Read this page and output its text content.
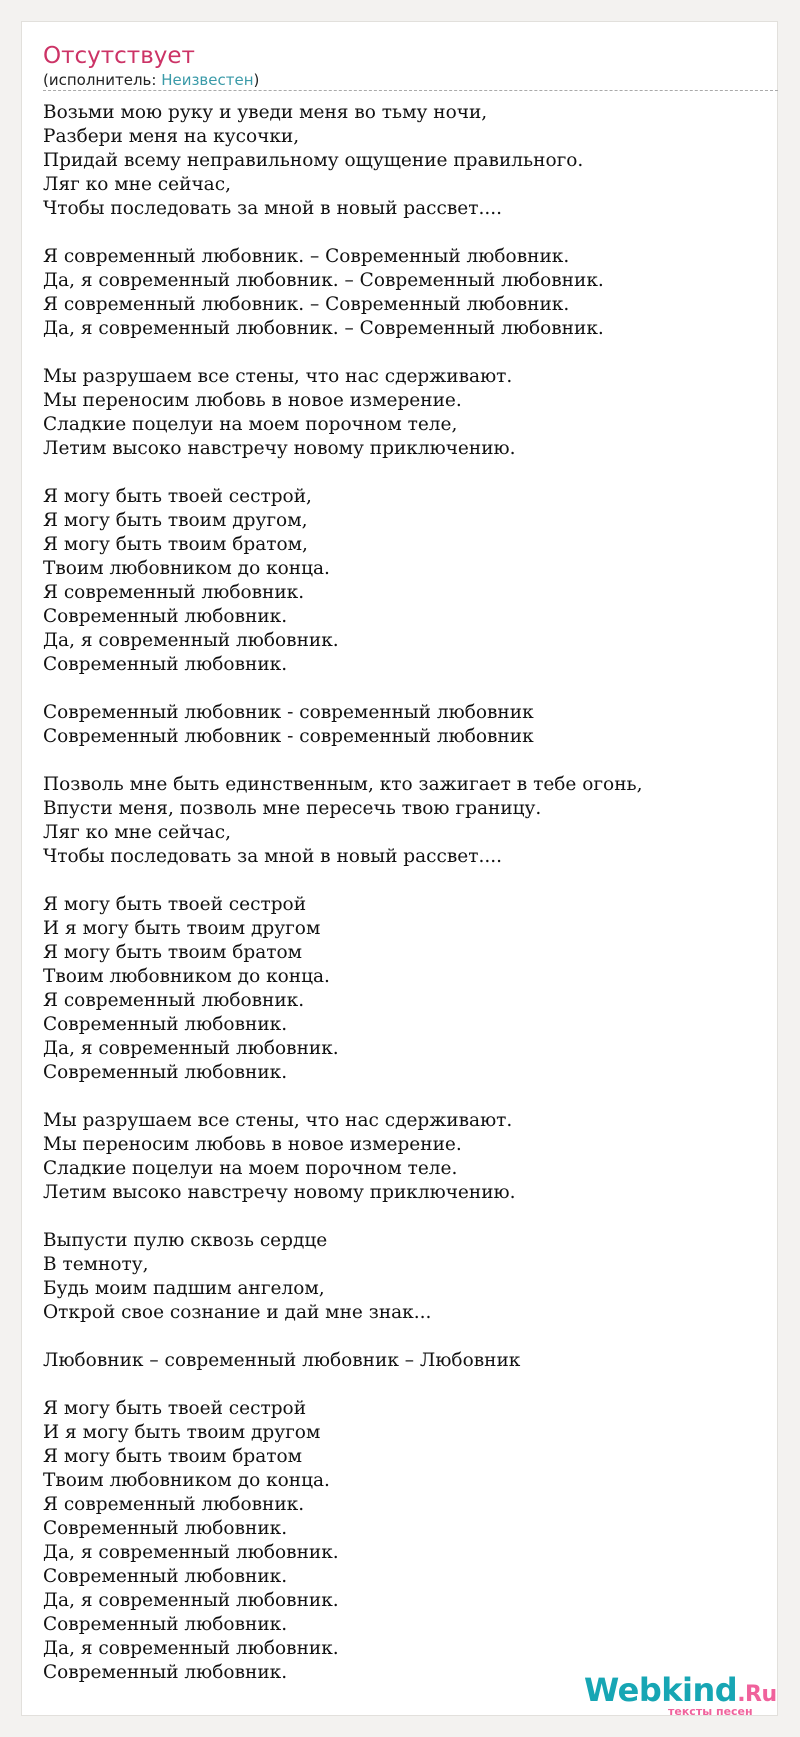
Отсутствует
(исполнитель: Неизвестен)
Возьми мою руку и уведи меня во тьму ночи,
Разбери меня на кусочки,
Придай всему неправильному ощущение правильного.
Ляг ко мне сейчас,
Чтобы последовать за мной в новый рассвет....
Я современный любовник. – Современный любовник.
Да, я современный любовник. – Современный любовник.
Я современный любовник. – Современный любовник.
Да, я современный любовник. – Современный любовник.
Мы разрушаем все стены, что нас сдерживают.
Мы переносим любовь в новое измерение.
Сладкие поцелуи на моем порочном теле,
Летим высоко навстречу новому приключению.
Я могу быть твоей сестрой,
Я могу быть твоим другом,
Я могу быть твоим братом,
Твоим любовником до конца.
Я современный любовник.
Современный любовник.
Да, я современный любовник.
Современный любовник.
Современный любовник - современный любовник
Современный любовник - современный любовник
Позволь мне быть единственным, кто зажигает в тебе огонь,
Впусти меня, позволь мне пересечь твою границу.
Ляг ко мне сейчас,
Чтобы последовать за мной в новый рассвет....
Я могу быть твоей сестрой
И я могу быть твоим другом
Я могу быть твоим братом
Твоим любовником до конца.
Я современный любовник.
Современный любовник.
Да, я современный любовник.
Современный любовник.
Мы разрушаем все стены, что нас сдерживают.
Мы переносим любовь в новое измерение.
Сладкие поцелуи на моем порочном теле.
Летим высоко навстречу новому приключению.
Выпусти пулю сквозь сердце
В темноту,
Будь моим падшим ангелом,
Открой свое сознание и дай мне знак...
Любовник – современный любовник – Любовник
Я могу быть твоей сестрой
И я могу быть твоим другом
Я могу быть твоим братом
Твоим любовником до конца.
Я современный любовник.
Современный любовник.
Да, я современный любовник.
Современный любовник.
Да, я современный любовник.
Современный любовник.
Да, я современный любовник.
Современный любовник.	Webkind.Ru
тексты песен
